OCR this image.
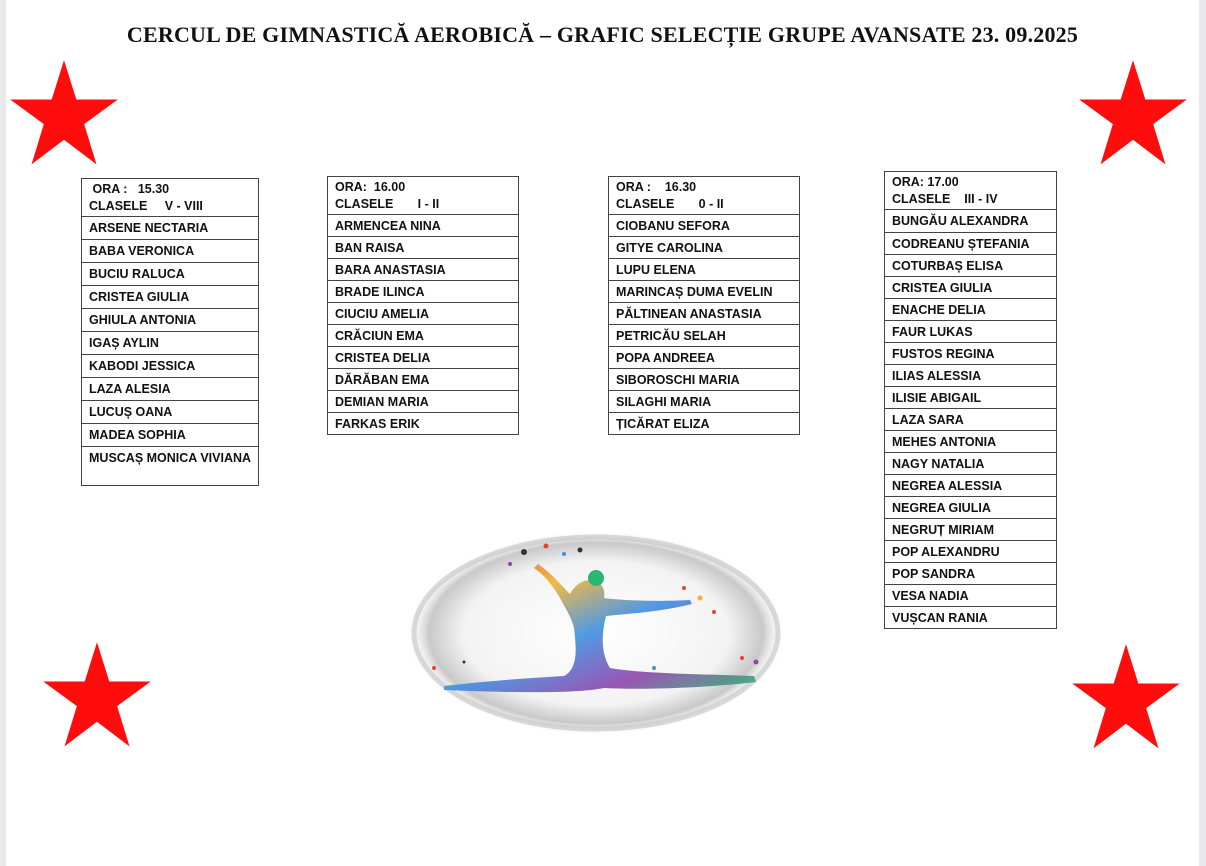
CERCUL DE GIMNASTICĂ AEROBICĂ – GRAFIC SELECȚIE GRUPE AVANSATE 23. 09.2025
ORA :   15.30
CLASELE     V - VIII
ARSENE NECTARIA
BABA VERONICA
BUCIU RALUCA
CRISTEA GIULIA
GHIULA ANTONIA
IGAȘ AYLIN
KABODI JESSICA
LAZA ALESIA
LUCUȘ OANA
MADEA SOPHIA
MUSCAȘ MONICA VIVIANA
ORA:  16.00
CLASELE       I - II
ARMENCEA NINA
BAN RAISA
BARA ANASTASIA
BRADE ILINCA
CIUCIU AMELIA
CRĂCIUN EMA
CRISTEA DELIA
DĂRĂBAN EMA
DEMIAN MARIA
FARKAS ERIK
ORA :    16.30
CLASELE       0 - II
CIOBANU SEFORA
GITYE CAROLINA
LUPU ELENA
MARINCAȘ DUMA EVELIN
PĂLTINEAN ANASTASIA
PETRICĂU SELAH
POPA ANDREEA
SIBOROSCHI MARIA
SILAGHI MARIA
ȚICĂRAT ELIZA
ORA: 17.00
CLASELE    III - IV
BUNGĂU ALEXANDRA
CODREANU ȘTEFANIA
COTURBAȘ ELISA
CRISTEA GIULIA
ENACHE DELIA
FAUR LUKAS
FUSTOS REGINA
ILIAS ALESSIA
ILISIE ABIGAIL
LAZA SARA
MEHES ANTONIA
NAGY NATALIA
NEGREA ALESSIA
NEGREA GIULIA
NEGRUȚ MIRIAM
POP ALEXANDRU
POP SANDRA
VESA NADIA
VUȘCAN RANIA
